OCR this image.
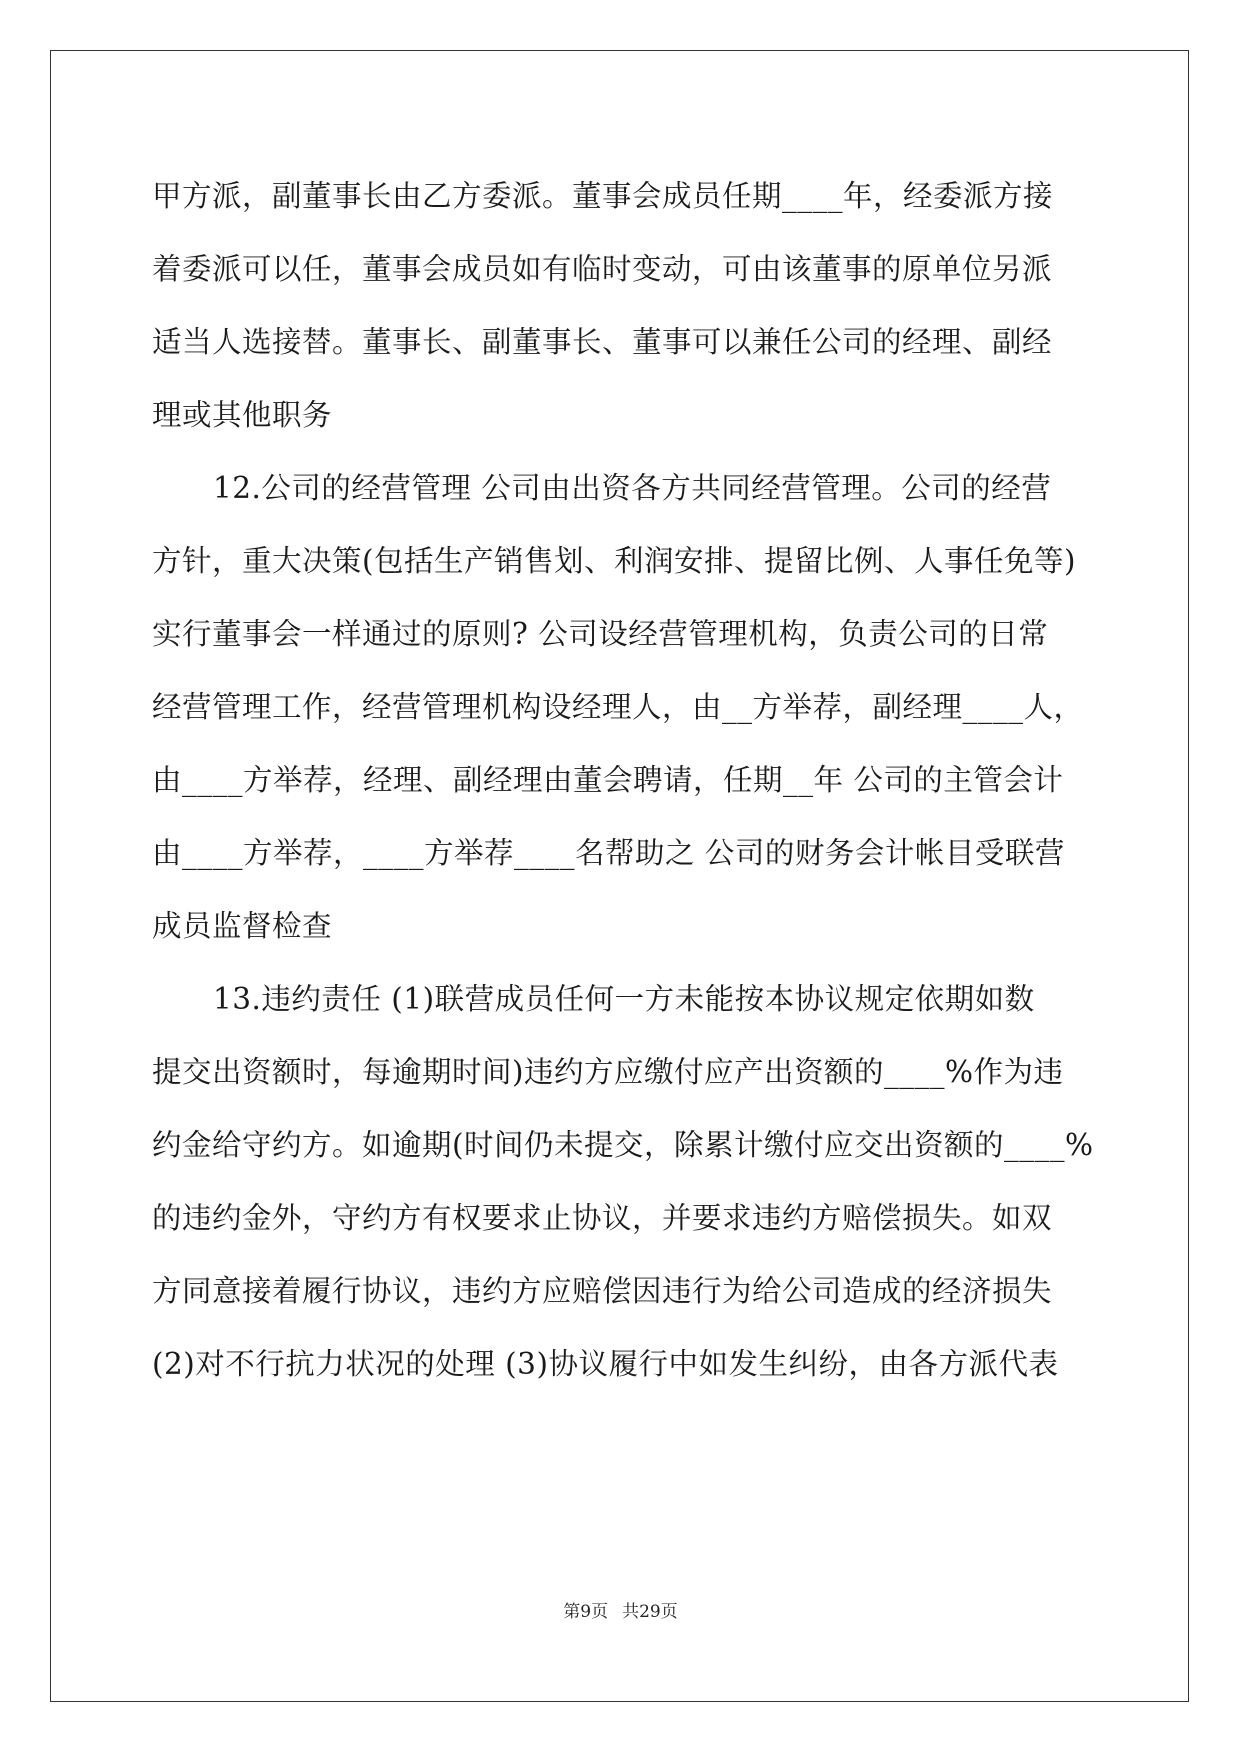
甲方派，副董事长由乙方委派。董事会成员任期____年，经委派方接
着委派可以任，董事会成员如有临时变动，可由该董事的原单位另派
适当人选接替。董事长、副董事长、董事可以兼任公司的经理、副经
理或其他职务
12.公司的经营管理 公司由出资各方共同经营管理。公司的经营
方针，重大决策(包括生产销售划、利润安排、提留比例、人事任免等)
实行董事会一样通过的原则? 公司设经营管理机构，负责公司的日常
经营管理工作，经营管理机构设经理人，由__方举荐，副经理____人，
由____方举荐，经理、副经理由董会聘请，任期__年 公司的主管会计
由____方举荐，____方举荐____名帮助之 公司的财务会计帐目受联营
成员监督检查
13.违约责任 (1)联营成员任何一方未能按本协议规定依期如数
提交出资额时，每逾期时间)违约方应缴付应产出资额的____%作为违
约金给守约方。如逾期(时间仍未提交，除累计缴付应交出资额的____%
的违约金外，守约方有权要求止协议，并要求违约方赔偿损失。如双
方同意接着履行协议，违约方应赔偿因违行为给公司造成的经济损失
(2)对不行抗力状况的处理 (3)协议履行中如发生纠纷，由各方派代表
第9页 共29页
